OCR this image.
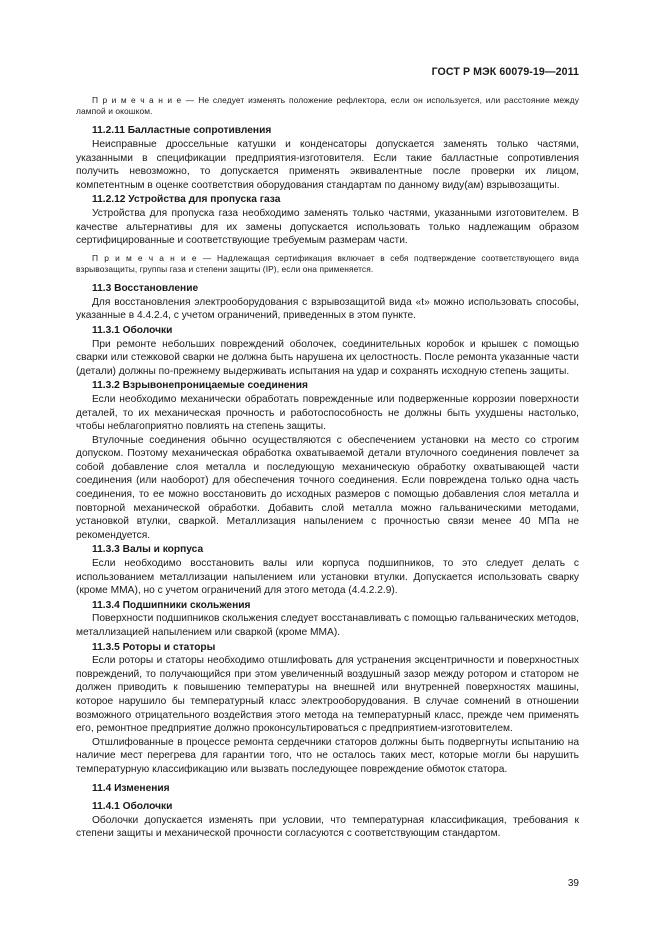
ГОСТ Р МЭК 60079-19—2011

П р и м е ч а н и е — Не следует изменять положение рефлектора, если он используется, или расстояние между лампой и окошком.

11.2.11 Балластные сопротивления

Неисправные дроссельные катушки и конденсаторы допускается заменять только частями, указанными в спецификации предприятия-изготовителя. Если такие балластные сопротивления получить невозможно, то допускается применять эквивалентные после проверки их лицом, компетентным в оценке соответствия оборудования стандартам по данному виду(ам) взрывозащиты.

11.2.12 Устройства для пропуска газа

Устройства для пропуска газа необходимо заменять только частями, указанными изготовителем. В качестве альтернативы для их замены допускается использовать только надлежащим образом сертифицированные и соответствующие требуемым размерам части.

П р и м е ч а н и е — Надлежащая сертификация включает в себя подтверждение соответствующего вида взрывозащиты, группы газа и степени защиты (IP), если она применяется.

11.3 Восстановление

Для восстановления электрооборудования с взрывозащитой вида «t» можно использовать способы, указанные в 4.4.2.4, с учетом ограничений, приведенных в этом пункте.

11.3.1 Оболочки

При ремонте небольших повреждений оболочек, соединительных коробок и крышек с помощью сварки или стежковой сварки не должна быть нарушена их целостность. После ремонта указанные части (детали) должны по-прежнему выдерживать испытания на удар и сохранять исходную степень защиты.

11.3.2 Взрывонепроницаемые соединения

Если необходимо механически обработать поврежденные или подверженные коррозии поверхности деталей, то их механическая прочность и работоспособность не должны быть ухудшены настолько, чтобы неблагоприятно повлиять на степень защиты.

Втулочные соединения обычно осуществляются с обеспечением установки на место со строгим допуском. Поэтому механическая обработка охватываемой детали втулочного соединения повлечет за собой добавление слоя металла и последующую механическую обработку охватывающей части соединения (или наоборот) для обеспечения точного соединения. Если повреждена только одна часть соединения, то ее можно восстановить до исходных размеров с помощью добавления слоя металла и повторной механической обработки. Добавить слой металла можно гальваническими методами, установкой втулки, сваркой. Металлизация напылением с прочностью связи менее 40 МПа не рекомендуется.

11.3.3 Валы и корпуса

Если необходимо восстановить валы или корпуса подшипников, то это следует делать с использованием металлизации напылением или установки втулки. Допускается использовать сварку (кроме ММА), но с учетом ограничений для этого метода (4.4.2.2.9).

11.3.4 Подшипники скольжения

Поверхности подшипников скольжения следует восстанавливать с помощью гальванических методов, металлизацией напылением или сваркой (кроме ММА).

11.3.5 Роторы и статоры

Если роторы и статоры необходимо отшлифовать для устранения эксцентричности и поверхностных повреждений, то получающийся при этом увеличенный воздушный зазор между ротором и статором не должен приводить к повышению температуры на внешней или внутренней поверхностях машины, которое нарушило бы температурный класс электрооборудования. В случае сомнений в отношении возможного отрицательного воздействия этого метода на температурный класс, прежде чем применять его, ремонтное предприятие должно проконсультироваться с предприятием-изготовителем.

Отшлифованные в процессе ремонта сердечники статоров должны быть подвергнуты испытанию на наличие мест перегрева для гарантии того, что не осталось таких мест, которые могли бы нарушить температурную классификацию или вызвать последующее повреждение обмоток статора.

11.4 Изменения

11.4.1 Оболочки

Оболочки допускается изменять при условии, что температурная классификация, требования к степени защиты и механической прочности согласуются с соответствующим стандартом.

39
